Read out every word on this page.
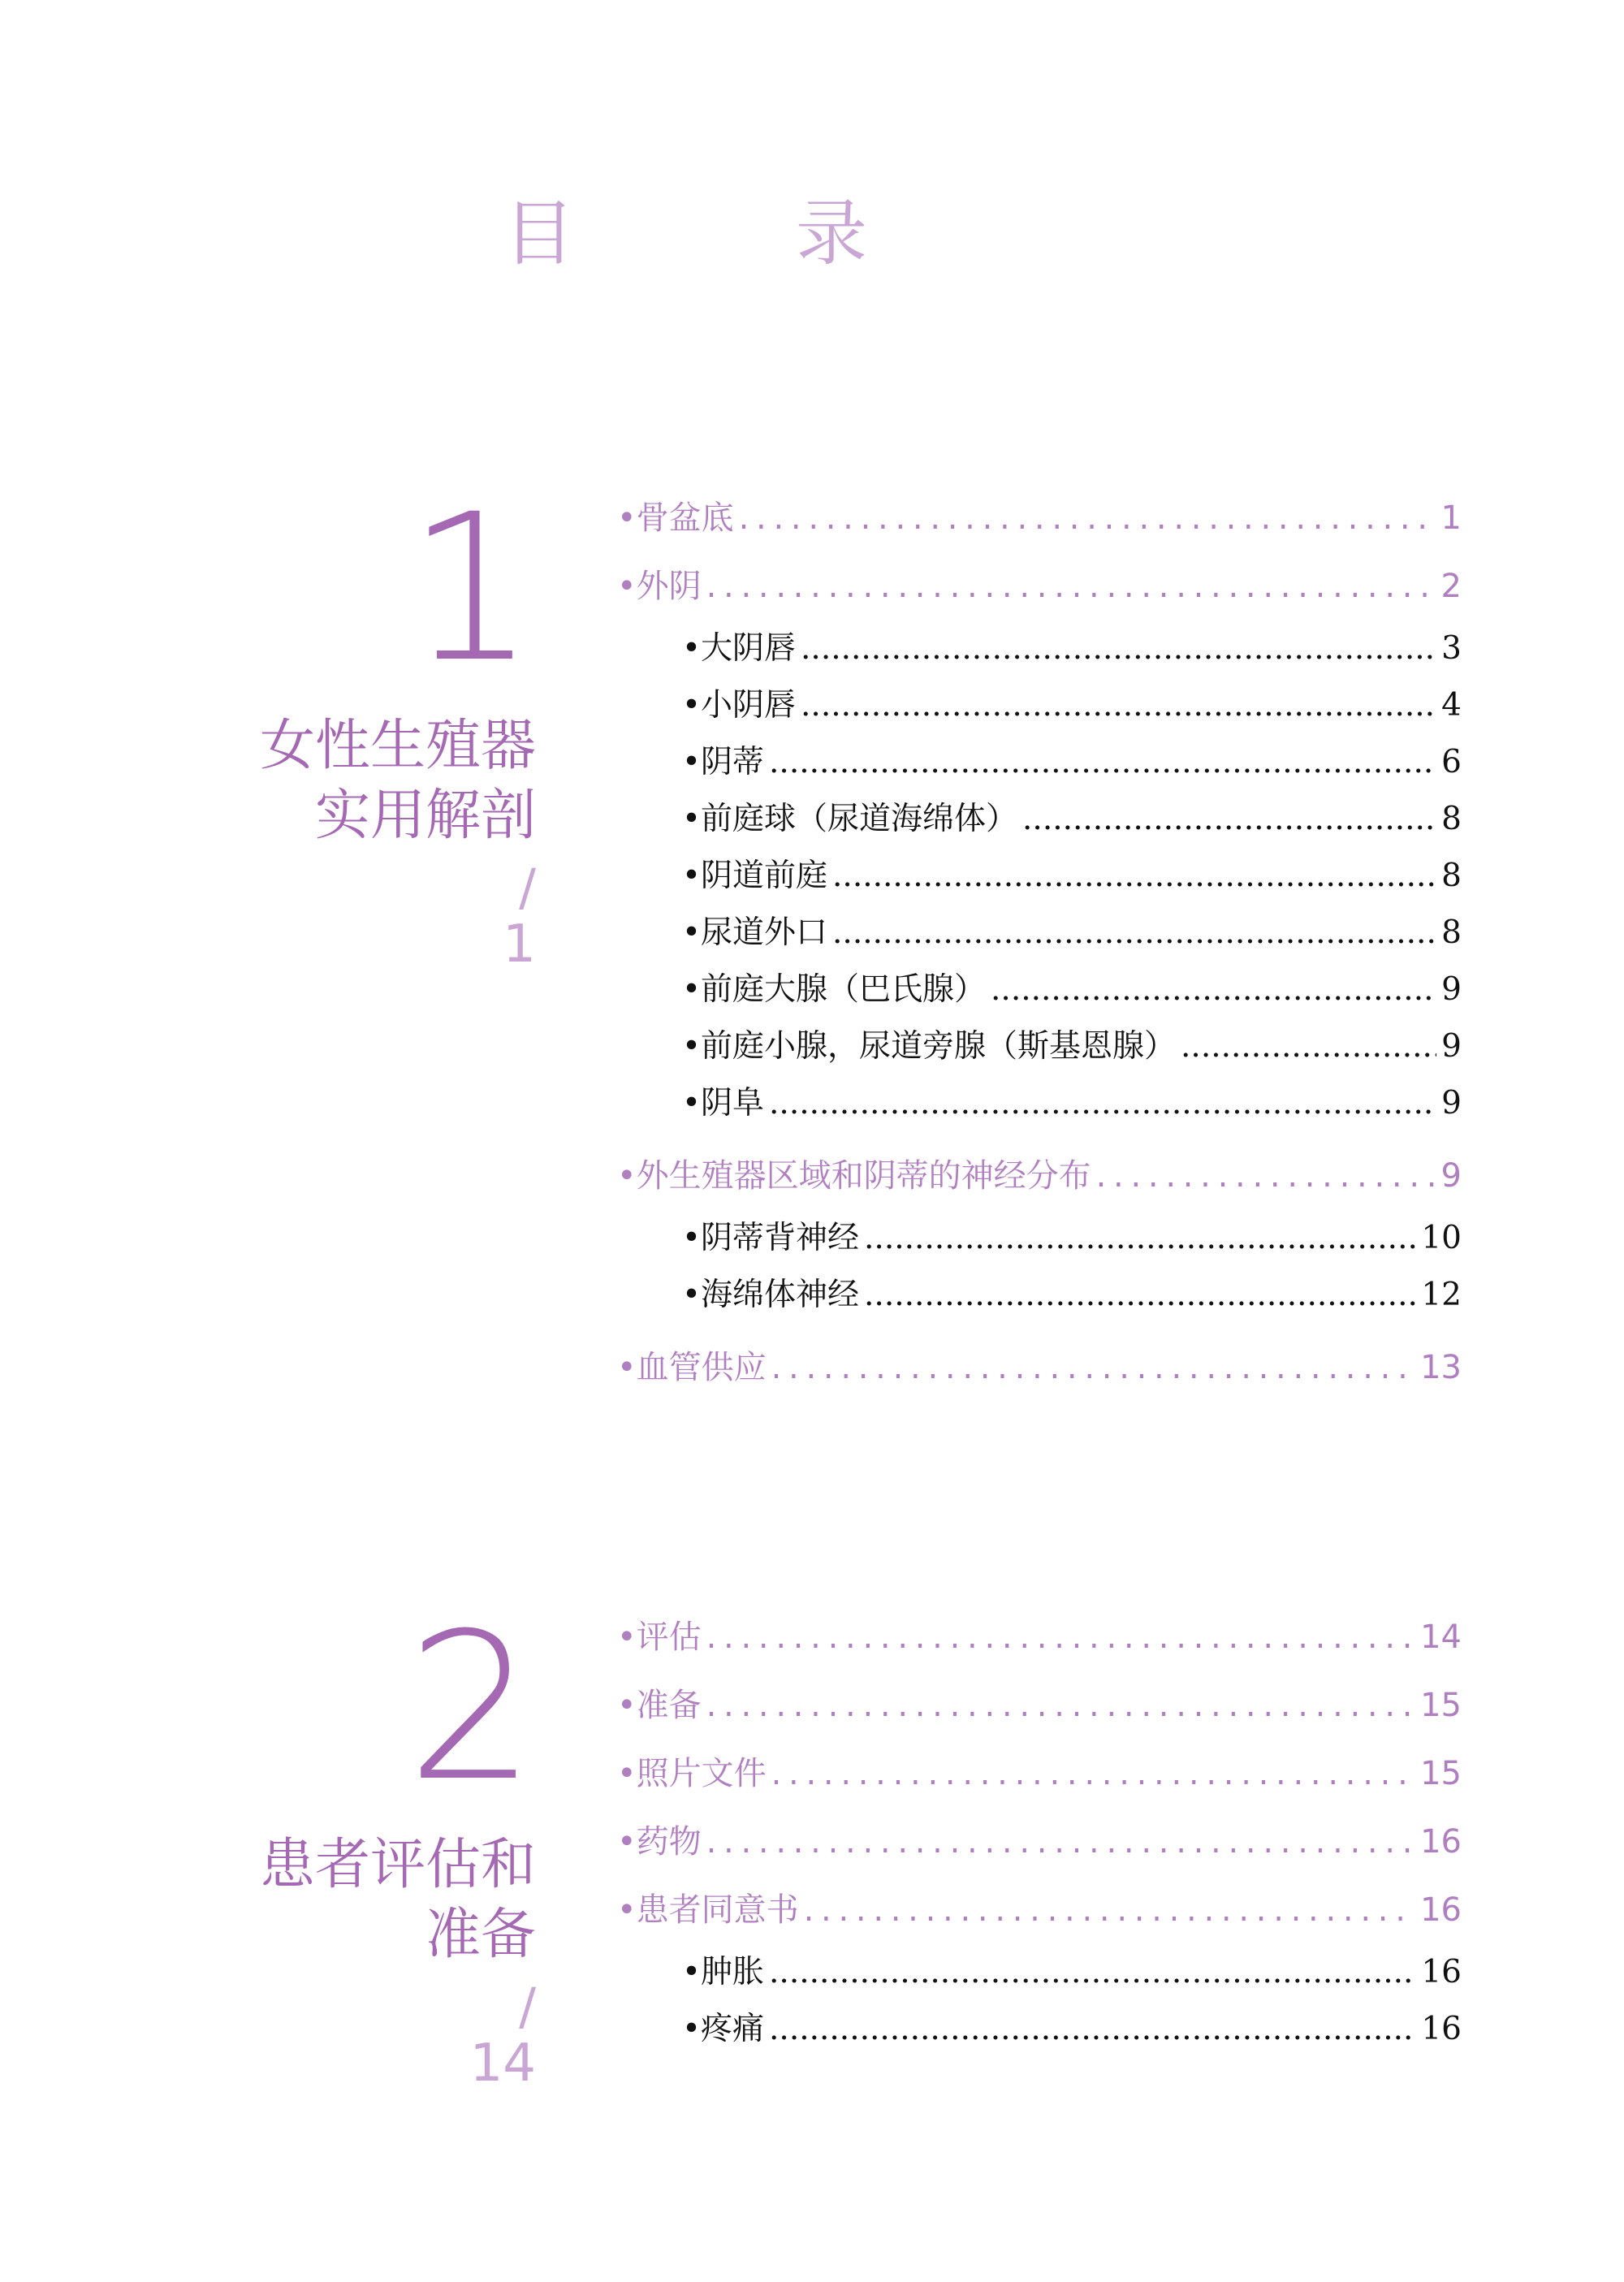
目　录
1
女性生殖器
实用解剖
/
1
• 骨盆底 . . .	1
• 外阴 . . .	2
• 大阴唇 .....	3
• 小阴唇 .....	4
• 阴蒂 .....	6
• 前庭球（尿道海绵体） .....	8
• 阴道前庭 .....	8
• 尿道外口 .....	8
• 前庭大腺（巴氏腺） .....	9
• 前庭小腺，尿道旁腺（斯基恩腺） .....	9
• 阴阜 .....	9
• 外生殖器区域和阴蒂的神经分布 . . .	9
• 阴蒂背神经 .....	10
• 海绵体神经 .....	12
• 血管供应 . . .	13
2
患者评估和
准备
/
14
• 评估 . . .	14
• 准备 . . .	15
• 照片文件 . . .	15
• 药物 . . .	16
• 患者同意书 . . .	16
• 肿胀 .....	16
• 疼痛 .....	16
